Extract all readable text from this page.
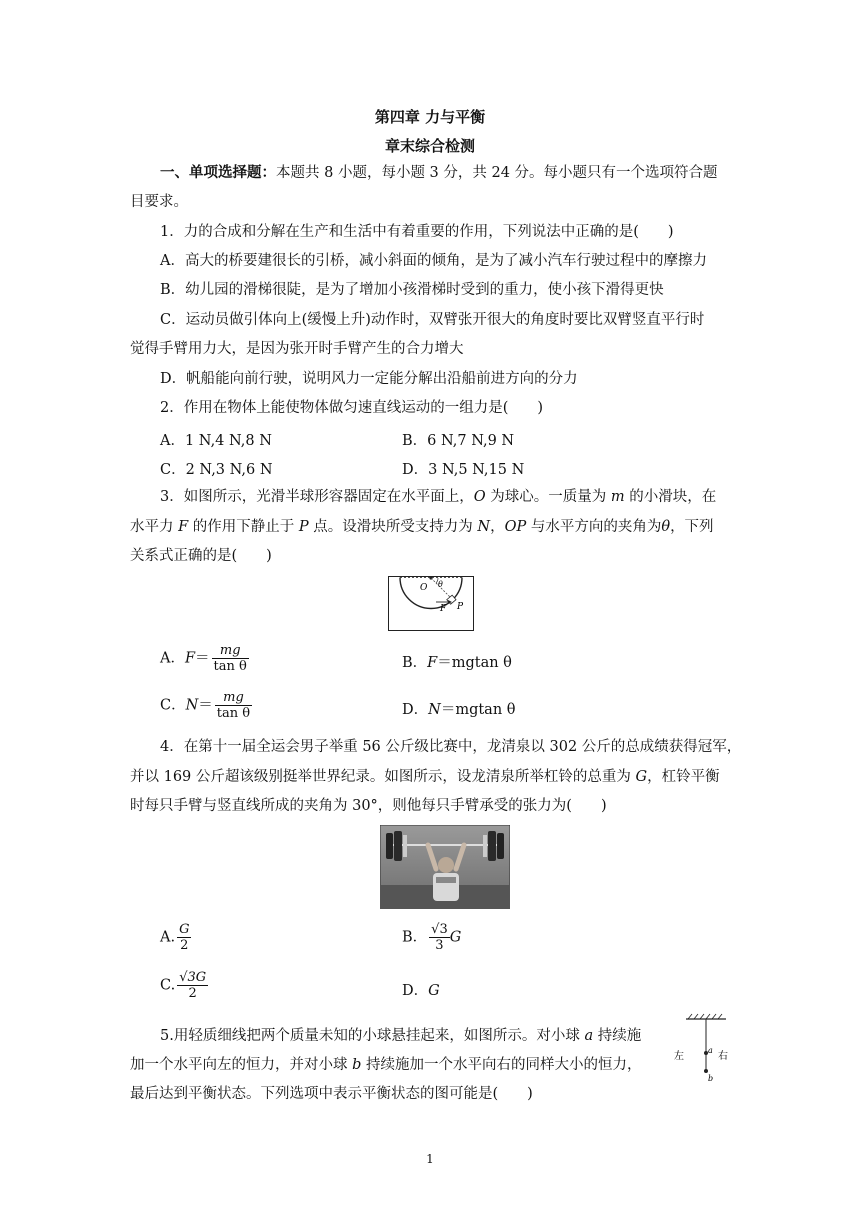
第四章 力与平衡
章末综合检测
一、单项选择题：本题共 8 小题，每小题 3 分，共 24 分。每小题只有一个选项符合题
目要求。
1．力的合成和分解在生产和生活中有着重要的作用，下列说法中正确的是(　　)
A．高大的桥要建很长的引桥，减小斜面的倾角，是为了减小汽车行驶过程中的摩擦力
B．幼儿园的滑梯很陡，是为了增加小孩滑梯时受到的重力，使小孩下滑得更快
C．运动员做引体向上(缓慢上升)动作时，双臂张开很大的角度时要比双臂竖直平行时
觉得手臂用力大，是因为张开时手臂产生的合力增大
D．帆船能向前行驶，说明风力一定能分解出沿船前进方向的分力
2．作用在物体上能使物体做匀速直线运动的一组力是(　　)
A．1 N,4 N,8 N	B．6 N,7 N,9 N
C．2 N,3 N,6 N	D．3 N,5 N,15 N
3．如图所示，光滑半球形容器固定在水平面上，O 为球心。一质量为 m 的小滑块，在
水平力 F 的作用下静止于 P 点。设滑块所受支持力为 N，OP 与水平方向的夹角为θ，下列
关系式正确的是(　　)
O θ
F P
A．$F= \frac{mg}{\text{tan θ}}$	B．F＝mgtan θ
C．$N= \frac{mg}{\text{tan θ}}$	D．N＝mgtan θ
4．在第十一届全运会男子举重 56 公斤级比赛中，龙清泉以 302 公斤的总成绩获得冠军，
并以 169 公斤超该级别挺举世界纪录。如图所示，设龙清泉所举杠铃的总重为 G，杠铃平衡
时每只手臂与竖直线所成的夹角为 30°，则他每只手臂承受的张力为(　　)
A. $\frac{G}{2}$	B． $\frac{√3}{3}$ G
C. $\frac{√3G}{2}$	D．G
5.用轻质细线把两个质量未知的小球悬挂起来，如图所示。对小球 a 持续施
加一个水平向左的恒力，并对小球 b 持续施加一个水平向右的同样大小的恒力，
最后达到平衡状态。下列选项中表示平衡状态的图可能是(　　)
a
b
左	右
1
